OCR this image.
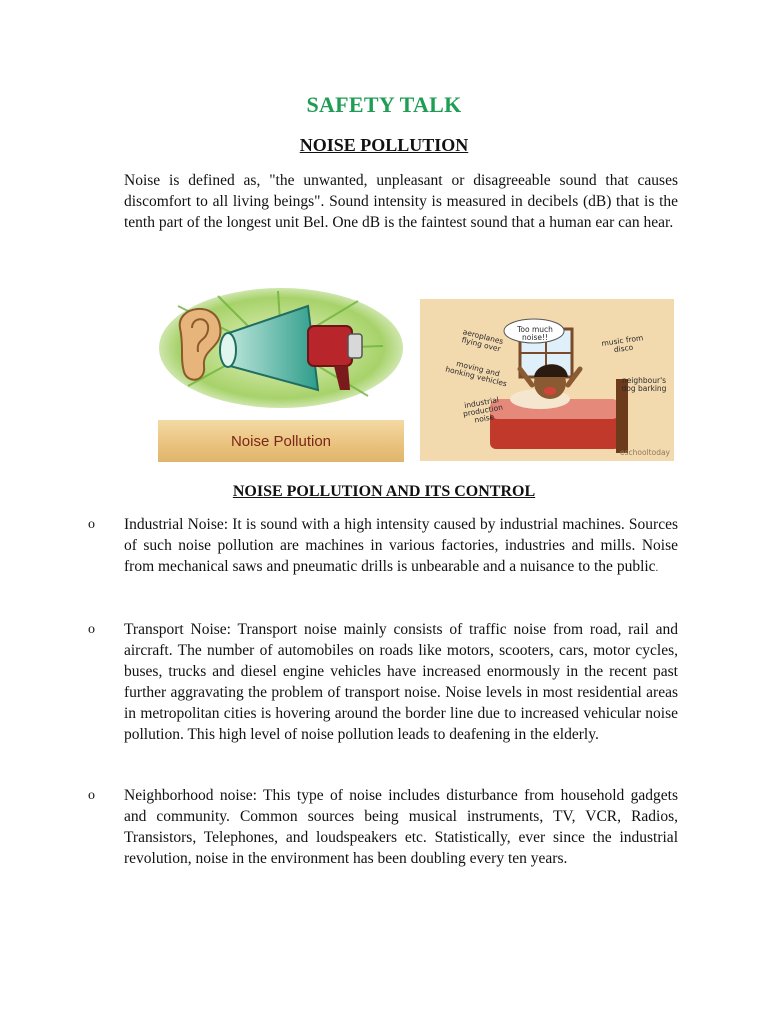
SAFETY TALK
NOISE POLLUTION

Noise is defined as, "the unwanted, unpleasant or disagreeable sound that causes discomfort to all living beings". Sound intensity is measured in decibels (dB) that is the tenth part of the longest unit Bel. One dB is the faintest sound that a human ear can hear.

Noise Pollution
Too much noise!!
aeroplanes
flying over
moving and
honking vehicles
industrial
production noise
music from
disco
neighbour's
dog barking
eschooltoday
NOISE POLLUTION AND ITS CONTROL
o Industrial Noise: It is sound with a high intensity caused by industrial machines. Sources of such noise pollution are machines in various factories, industries and mills. Noise from mechanical saws and pneumatic drills is unbearable and a nuisance to the public.

o Transport Noise: Transport noise mainly consists of traffic noise from road, rail and aircraft. The number of automobiles on roads like motors, scooters, cars, motor cycles, buses, trucks and diesel engine vehicles have increased enormously in the recent past further aggravating the problem of transport noise. Noise levels in most residential areas in metropolitan cities is hovering around the border line due to increased vehicular noise pollution. This high level of noise pollution leads to deafening in the elderly.

o Neighborhood noise: This type of noise includes disturbance from household gadgets and community. Common sources being musical instruments, TV, VCR, Radios, Transistors, Telephones, and loudspeakers etc. Statistically, ever since the industrial revolution, noise in the environment has been doubling every ten years.
